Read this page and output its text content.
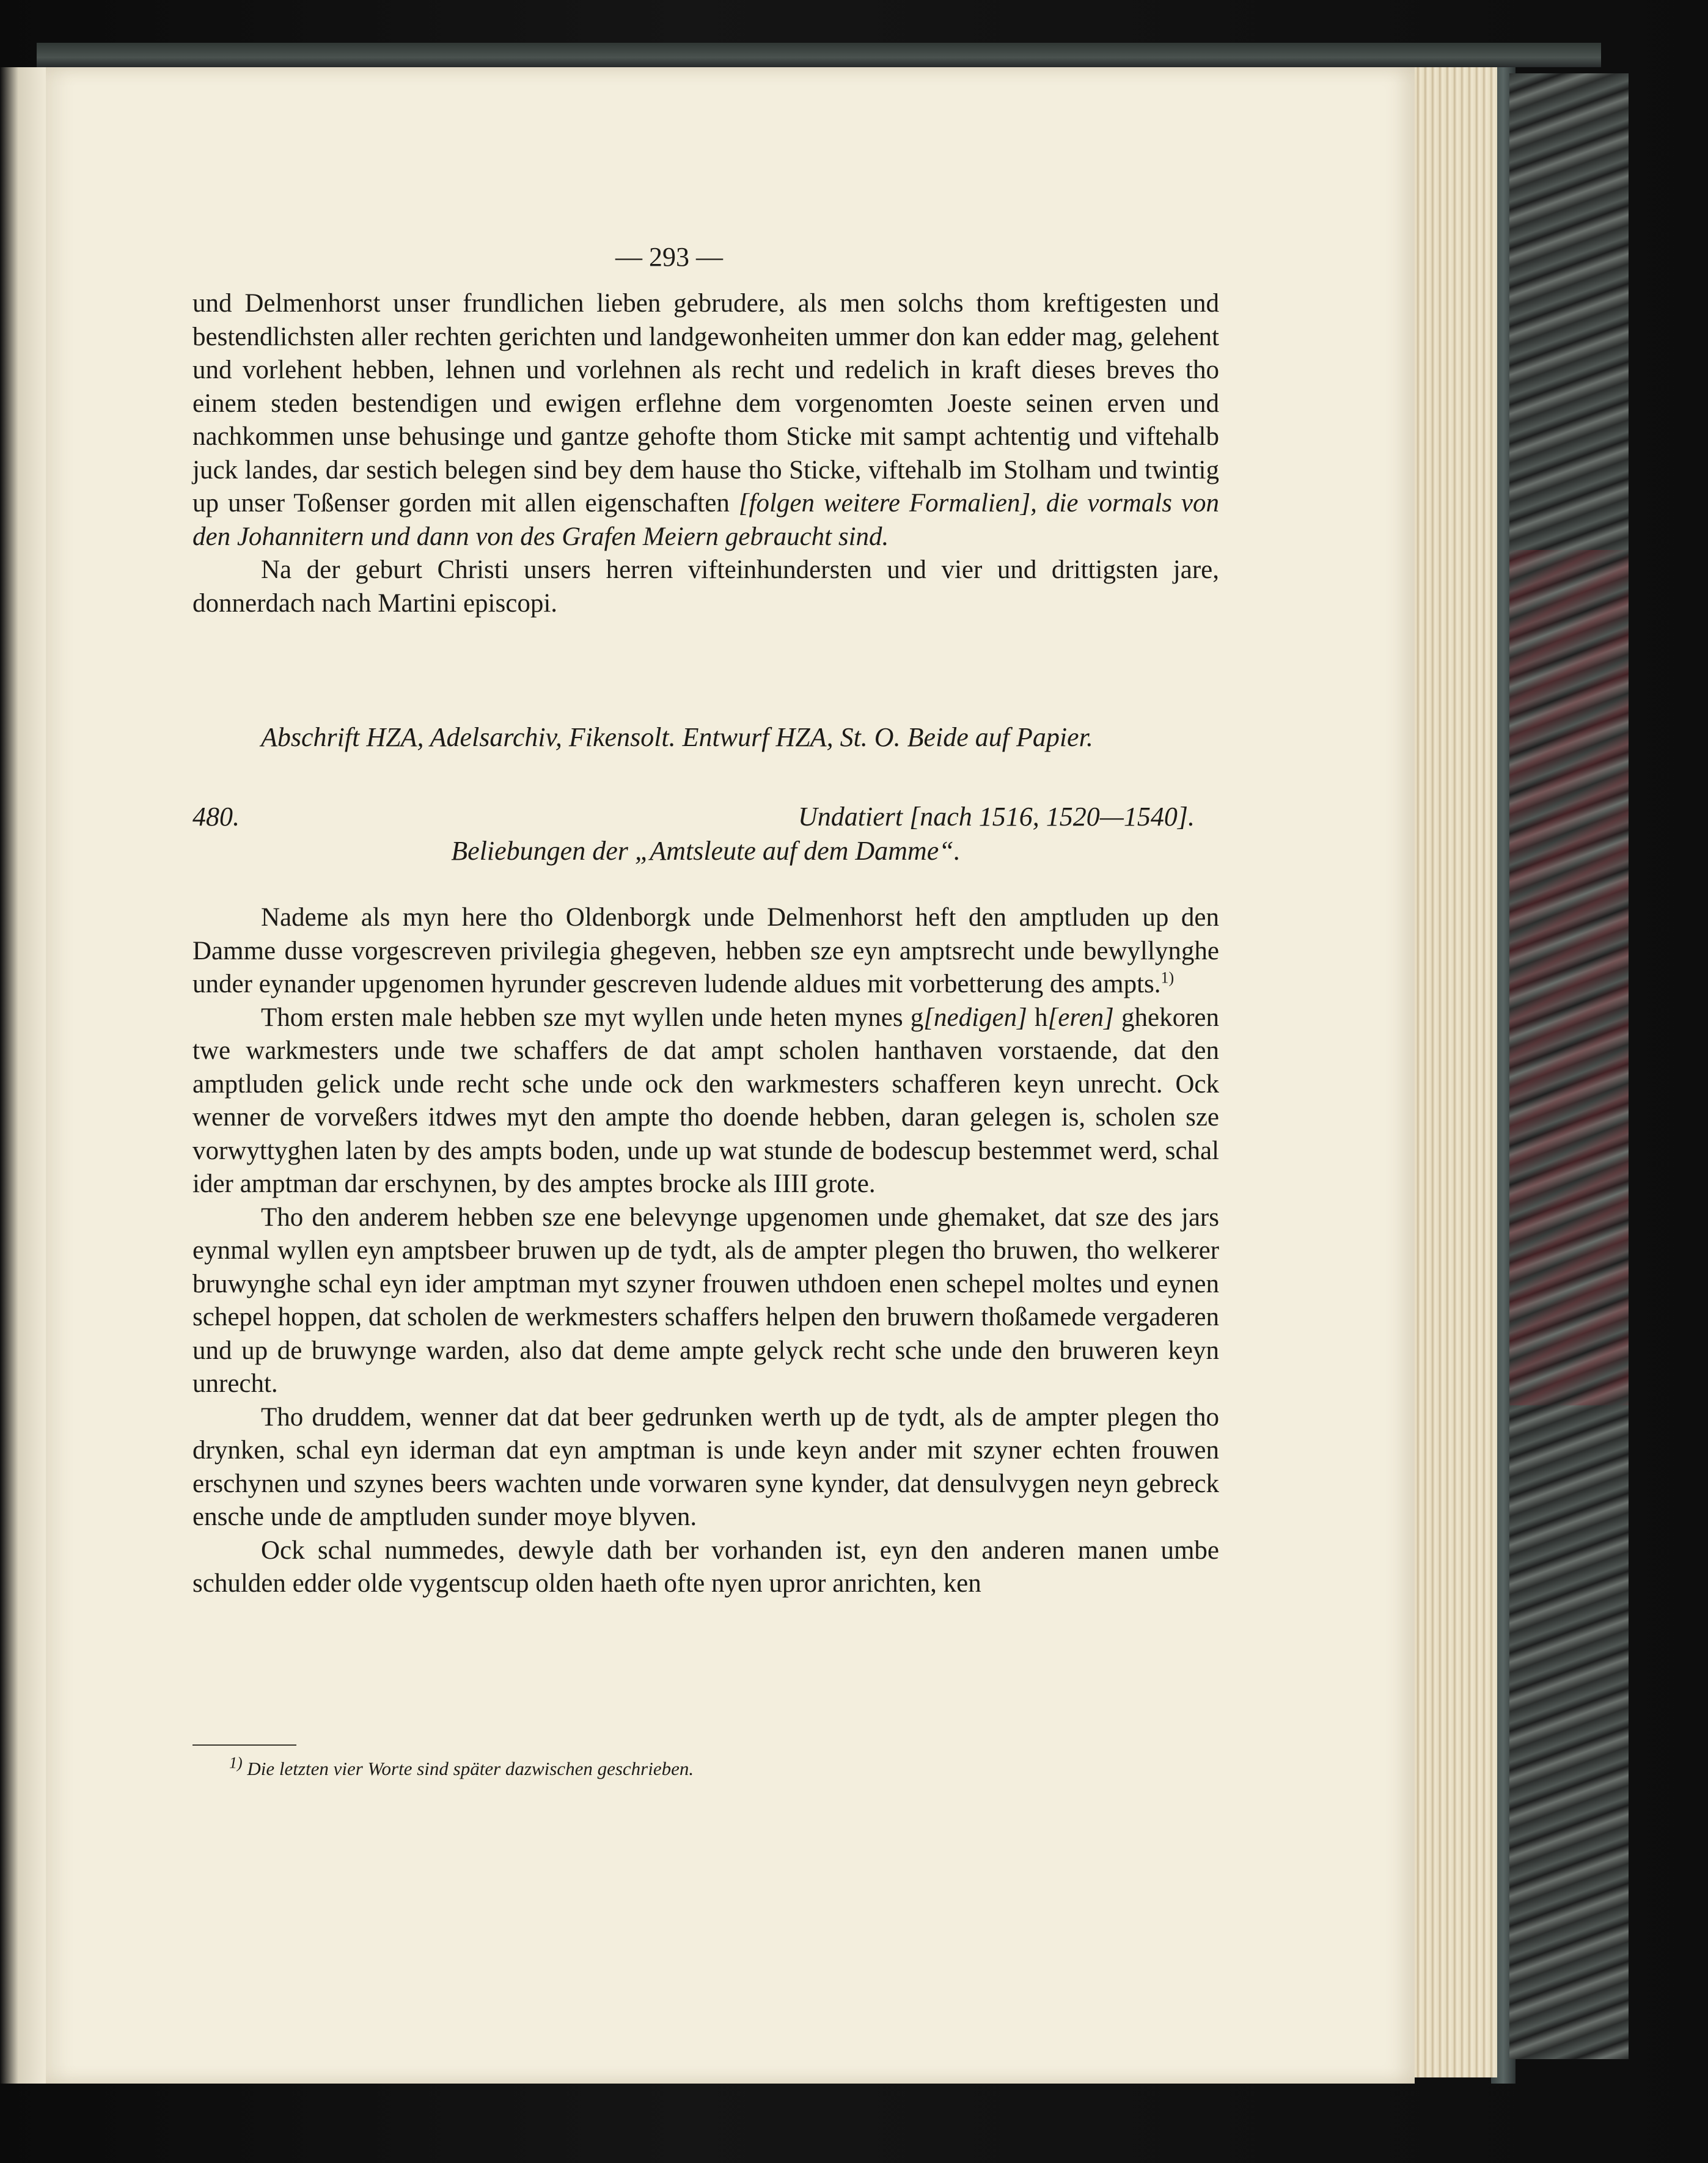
— 293 —

und Delmenhorst unser frundlichen lieben gebrudere, als men solchs thom kreftigesten und bestendlichsten aller rechten gerichten und landgewonheiten ummer don kan edder mag, gelehent und vorlehent hebben, lehnen und vorlehnen als recht und redelich in kraft dieses breves tho einem steden bestendigen und ewigen erflehne dem vorgenomten Joeste seinen erven und nachkommen unse behusinge und gantze gehofte thom Sticke mit sampt achtentig und viftehalb juck landes, dar sestich belegen sind bey dem hause tho Sticke, viftehalb im Stolham und twintig up unser Toßenser gorden mit allen eigenschaften [folgen weitere Formalien], die vormals von den Johannitern und dann von des Grafen Meiern gebraucht sind.

Na der geburt Christi unsers herren vifteinhundersten und vier und drittigsten jare, donnerdach nach Martini episcopi.

Abschrift HZA, Adelsarchiv, Fikensolt. Entwurf HZA, St. O. Beide auf Papier.

480.	Undatiert [nach 1516, 1520—1540].
Beliebungen der „Amtsleute auf dem Damme“.

Nademe als myn here tho Oldenborgk unde Delmenhorst heft den amptluden up den Damme dusse vorgescreven privilegia ghegeven, hebben sze eyn amptsrecht unde bewyllynghe under eynander upgenomen hyrunder gescreven ludende aldues mit vorbetterung des ampts.$^{1)}$

Thom ersten male hebben sze myt wyllen unde heten mynes g[nedigen] h[eren] ghekoren twe warkmesters unde twe schaffers de dat ampt scholen hanthaven vorstaende, dat den amptluden gelick unde recht sche unde ock den warkmesters schafferen keyn unrecht. Ock wenner de vorveßers itdwes myt den ampte tho doende hebben, daran gelegen is, scholen sze vorwyttyghen laten by des ampts boden, unde up wat stunde de bodescup bestemmet werd, schal ider amptman dar erschynen, by des amptes brocke als IIII grote.

Tho den anderem hebben sze ene belevynge upgenomen unde ghemaket, dat sze des jars eynmal wyllen eyn amptsbeer bruwen up de tydt, als de ampter plegen tho bruwen, tho welkerer bruwynghe schal eyn ider amptman myt szyner frouwen uthdoen enen schepel moltes und eynen schepel hoppen, dat scholen de werkmesters schaffers helpen den bruwern thoßamede vergaderen und up de bruwynge warden, also dat deme ampte gelyck recht sche unde den bruweren keyn unrecht.

Tho druddem, wenner dat dat beer gedrunken werth up de tydt, als de ampter plegen tho drynken, schal eyn iderman dat eyn amptman is unde keyn ander mit szyner echten frouwen erschynen und szynes beers wachten unde vorwaren syne kynder, dat densulvygen neyn gebreck ensche unde de amptluden sunder moye blyven.

Ock schal nummedes, dewyle dath ber vorhanden ist, eyn den anderen manen umbe schulden edder olde vygentscup olden haeth ofte nyen upror anrichten, ken

$^{1)}$ Die letzten vier Worte sind später dazwischen geschrieben.
